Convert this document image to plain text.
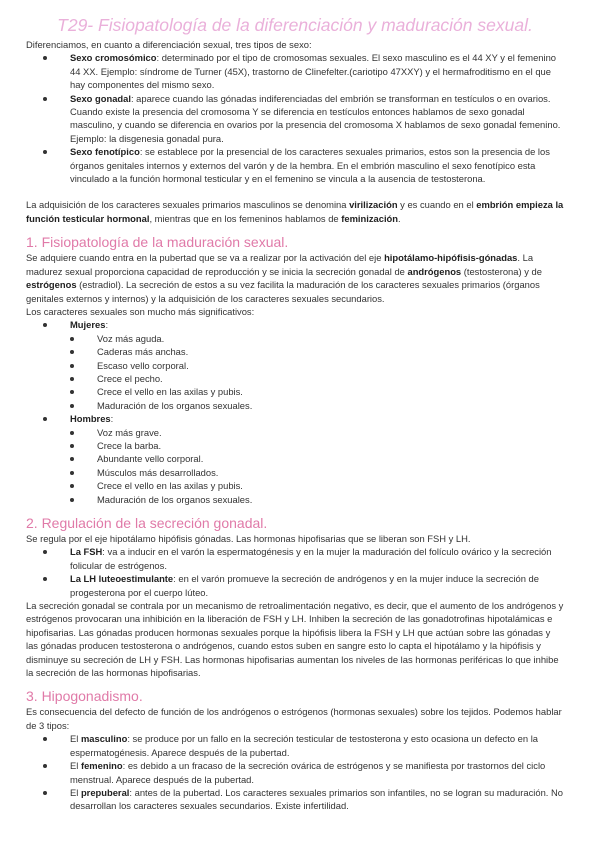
T29- Fisiopatología de la diferenciación y maduración sexual.

Diferenciamos, en cuanto a diferenciación sexual, tres tipos de sexo:

Sexo cromosómico: determinado por el tipo de cromosomas sexuales. El sexo masculino es el 44 XY y el femenino 44 XX. Ejemplo: síndrome de Turner (45X), trastorno de Clinefelter.(cariotipo 47XXY) y el hermafroditismo en el que hay componentes del mismo sexo.
Sexo gonadal: aparece cuando las gónadas indiferenciadas del embrión se transforman en testículos o en ovarios. Cuando existe la presencia del cromosoma Y se diferencia en testículos entonces hablamos de sexo gonadal masculino, y cuando se diferencia en ovarios por la presencia del cromosoma X hablamos de sexo gonadal femenino. Ejemplo: la disgenesia gonadal pura.
Sexo fenotípico: se establece por la presencial de los caracteres sexuales primarios, estos son la presencia de los órganos genitales internos y externos del varón y de la hembra. En el embrión masculino el sexo fenotípico esta vinculado a la función hormonal testicular y en el femenino se vincula a la ausencia de testosterona.

La adquisición de los caracteres sexuales primarios masculinos se denomina virilización y es cuando en el embrión empieza la función testicular hormonal, mientras que en los femeninos hablamos de feminización.

1. Fisiopatología de la maduración sexual.

Se adquiere cuando entra en la pubertad que se va a realizar por la activación del eje hipotálamo-hipófisis-gónadas. La madurez sexual proporciona capacidad de reproducción y se inicia la secreción gonadal de andrógenos (testosterona) y de estrógenos (estradiol). La secreción de estos a su vez facilita la maduración de los caracteres sexuales primarios (órganos genitales externos y internos) y la adquisición de los caracteres sexuales secundarios.

Los caracteres sexuales son mucho más significativos:

Mujeres:
Voz más aguda.
Caderas más anchas.
Escaso vello corporal.
Crece el pecho.
Crece el vello en las axilas y pubis.
Maduración de los organos sexuales.
Hombres:
Voz más grave.
Crece la barba.
Abundante vello corporal.
Músculos más desarrollados.
Crece el vello en las axilas y pubis.
Maduración de los organos sexuales.
2. Regulación de la secreción gonadal.

Se regula por el eje hipotálamo hipófisis gónadas. Las hormonas hipofisarias que se liberan son FSH y LH.

La FSH: va a inducir en el varón la espermatogénesis y en la mujer la maduración del folículo ovárico y la secreción folicular de estrógenos.
La LH luteoestimulante: en el varón promueve la secreción de andrógenos y en la mujer induce la secreción de progesterona por el cuerpo lúteo.

La secreción gonadal se contrala por un mecanismo de retroalimentación negativo, es decir, que el aumento de los andrógenos y estrógenos provocaran una inhibición en la liberación de FSH y LH. Inhiben la secreción de las gonadotrofinas hipotalámicas e hipofisarias. Las gónadas producen hormonas sexuales porque la hipófisis libera la FSH y LH que actúan sobre las gónadas y las gónadas producen testosterona o andrógenos, cuando estos suben en sangre esto lo capta el hipotálamo y la hipófisis y disminuye su secreción de LH y FSH. Las hormonas hipofisarias aumentan los niveles de las hormonas periféricas lo que inhibe la secreción de las hormonas hipofisarias.

3. Hipogonadismo.

Es consecuencia del defecto de función de los andrógenos o estrógenos (hormonas sexuales) sobre los tejidos. Podemos hablar de 3 tipos:

El masculino: se produce por un fallo en la secreción testicular de testosterona y esto ocasiona un defecto en la espermatogénesis. Aparece después de la pubertad.
El femenino: es debido a un fracaso de la secreción ovárica de estrógenos y se manifiesta por trastornos del ciclo menstrual. Aparece después de la pubertad.
El prepuberal: antes de la pubertad. Los caracteres sexuales primarios son infantiles, no se logran su maduración. No desarrollan los caracteres sexuales secundarios. Existe infertilidad.
